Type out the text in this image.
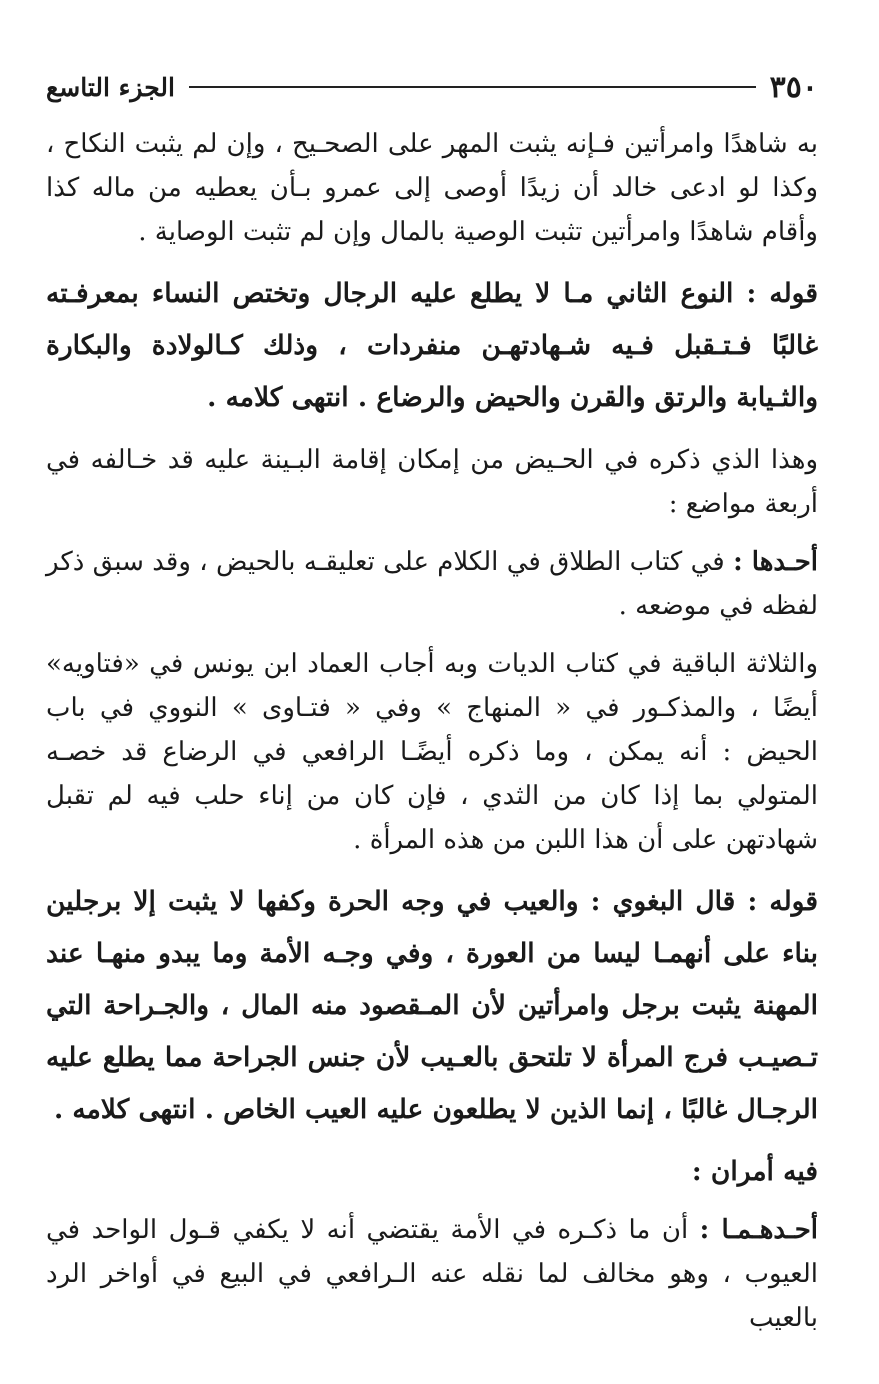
٣٥٠
الجزء التاسع

به شاهدًا وامرأتين فـإنه يثبت المهر على الصحـيح ، وإن لم يثبت النكاح ، وكذا لو ادعى خالد أن زيدًا أوصى إلى عمرو بـأن يعطيه من ماله كذا وأقام شاهدًا وامرأتين تثبت الوصية بالمال وإن لم تثبت الوصاية .

قوله : النوع الثاني مـا لا يطلع عليه الرجال وتختص النساء بمعرفـته غالبًا فـتـقبل فـيه شـهادتهـن منفردات ، وذلك كـالولادة والبكارة والثـيابة والرتق والقرن والحيض والرضاع . انتهى كلامه .

وهذا الذي ذكره في الحـيض من إمكان إقامة البـينة عليه قد خـالفه في أربعة مواضع :

أحـدها : في كتاب الطلاق في الكلام على تعليقـه بالحيض ، وقد سبق ذكر لفظه في موضعه .

والثلاثة الباقية في كتاب الديات وبه أجاب العماد ابن يونس في «فتاويه» أيضًا ، والمذكـور في « المنهاج » وفي « فتـاوى » النووي في باب الحيض : أنه يمكن ، وما ذكره أيضًـا الرافعي في الرضاع قد خصـه المتولي بما إذا كان من الثدي ، فإن كان من إناء حلب فيه لم تقبل شهادتهن على أن هذا اللبن من هذه المرأة .

قوله : قال البغوي : والعيب في وجه الحرة وكفها لا يثبت إلا برجلين بناء على أنهمـا ليسا من العورة ، وفي وجـه الأمة وما يبدو منهـا عند المهنة يثبت برجل وامرأتين لأن المـقصود منه المال ، والجـراحة التي تـصيـب فرج المرأة لا تلتحق بالعـيب لأن جنس الجراحة مما يطلع عليه الرجـال غالبًا ، إنما الذين لا يطلعون عليه العيب الخاص . انتهى كلامه .

فيه أمران :

أحـدهـمـا : أن ما ذكـره في الأمة يقتضي أنه لا يكفي قـول الواحد في العيوب ، وهو مخالف لما نقله عنه الـرافعي في البيع في أواخر الرد بالعيب
